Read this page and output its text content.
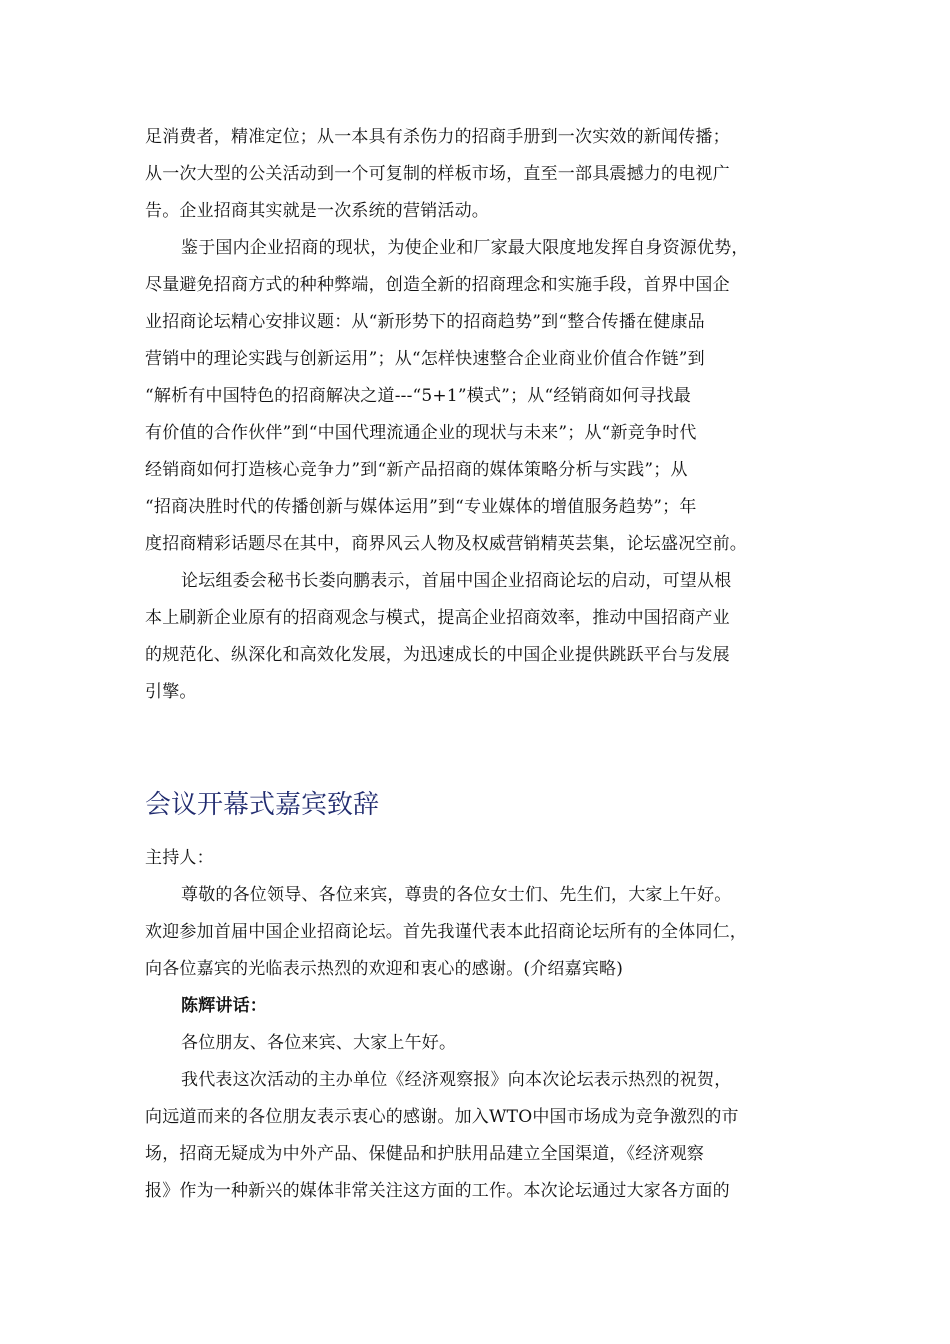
足消费者，精准定位；从一本具有杀伤力的招商手册到一次实效的新闻传播；
从一次大型的公关活动到一个可复制的样板市场，直至一部具震撼力的电视广
告。企业招商其实就是一次系统的营销活动。
鉴于国内企业招商的现状，为使企业和厂家最大限度地发挥自身资源优势，
尽量避免招商方式的种种弊端，创造全新的招商理念和实施手段，首界中国企
业招商论坛精心安排议题：从“新形势下的招商趋势”到“整合传播在健康品
营销中的理论实践与创新运用”；从“怎样快速整合企业商业价值合作链”到
“解析有中国特色的招商解决之道---“5+1”模式”；从“经销商如何寻找最
有价值的合作伙伴”到“中国代理流通企业的现状与未来”；从“新竞争时代
经销商如何打造核心竞争力”到“新产品招商的媒体策略分析与实践”；从
“招商决胜时代的传播创新与媒体运用”到“专业媒体的增值服务趋势”；年
度招商精彩话题尽在其中，商界风云人物及权威营销精英芸集，论坛盛况空前。
论坛组委会秘书长娄向鹏表示，首届中国企业招商论坛的启动，可望从根
本上刷新企业原有的招商观念与模式，提高企业招商效率，推动中国招商产业
的规范化、纵深化和高效化发展，为迅速成长的中国企业提供跳跃平台与发展
引擎。
会议开幕式嘉宾致辞
主持人：
尊敬的各位领导、各位来宾，尊贵的各位女士们、先生们，大家上午好。
欢迎参加首届中国企业招商论坛。首先我谨代表本此招商论坛所有的全体同仁，
向各位嘉宾的光临表示热烈的欢迎和衷心的感谢。(介绍嘉宾略)
陈辉讲话：
各位朋友、各位来宾、大家上午好。
我代表这次活动的主办单位《经济观察报》向本次论坛表示热烈的祝贺，
向远道而来的各位朋友表示衷心的感谢。加入WTO中国市场成为竞争激烈的市
场，招商无疑成为中外产品、保健品和护肤用品建立全国渠道，《经济观察
报》作为一种新兴的媒体非常关注这方面的工作。本次论坛通过大家各方面的
